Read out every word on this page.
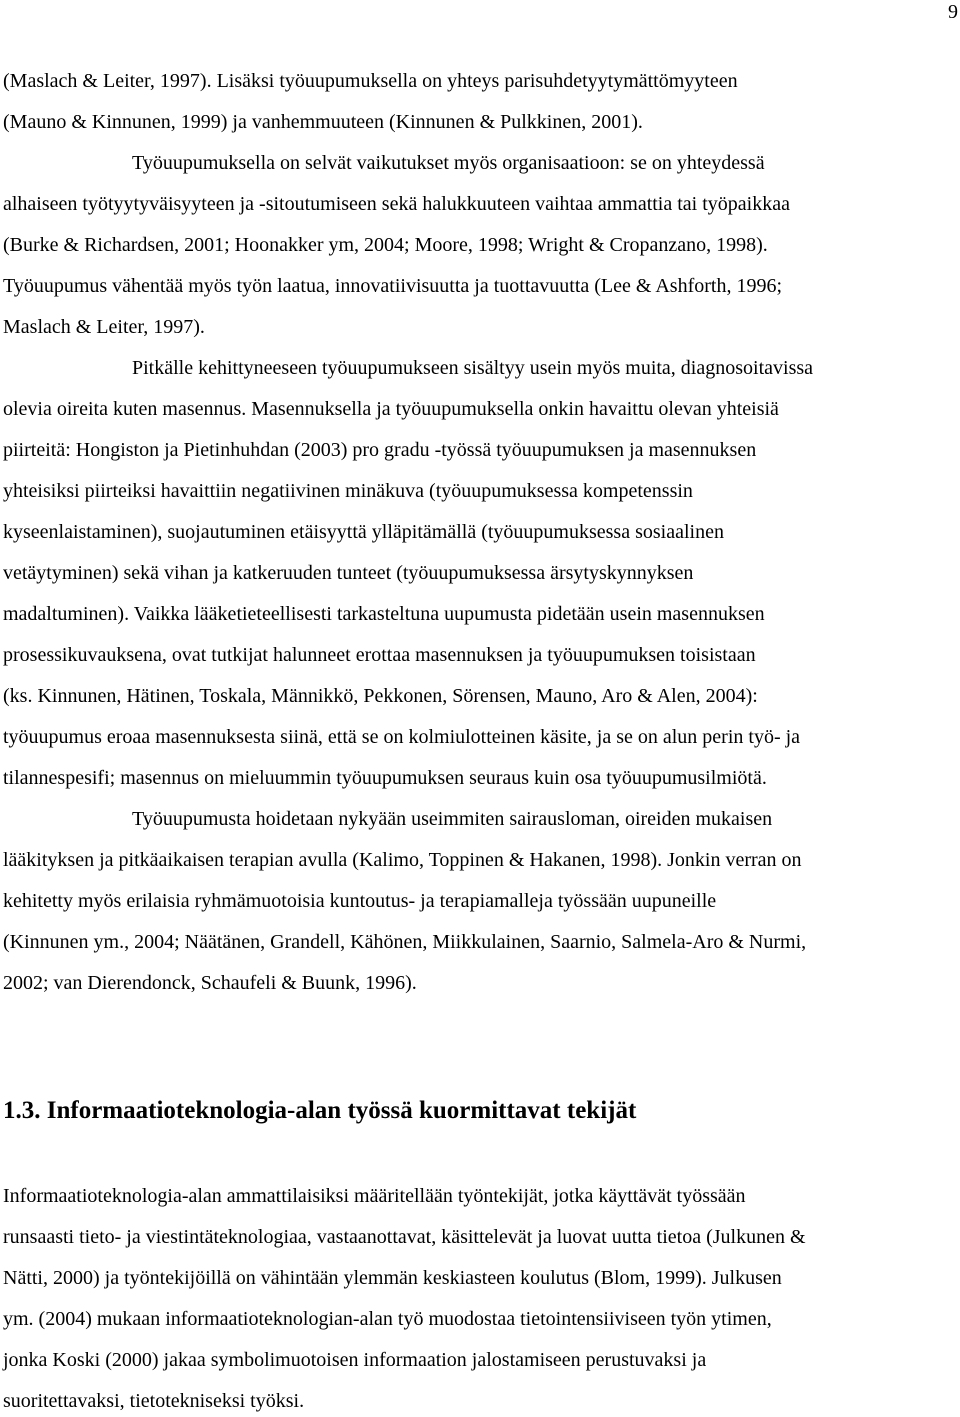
9
(Maslach & Leiter, 1997). Lisäksi työuupumuksella on yhteys parisuhdetyytymättömyyteen
(Mauno & Kinnunen, 1999) ja vanhemmuuteen (Kinnunen & Pulkkinen, 2001).
Työuupumuksella on selvät vaikutukset myös organisaatioon: se on yhteydessä
alhaiseen työtyytyväisyyteen ja -sitoutumiseen sekä halukkuuteen vaihtaa ammattia tai työpaikkaa
(Burke & Richardsen, 2001; Hoonakker ym, 2004; Moore, 1998; Wright & Cropanzano, 1998).
Työuupumus vähentää myös työn laatua, innovatiivisuutta ja tuottavuutta (Lee & Ashforth, 1996;
Maslach & Leiter, 1997).
Pitkälle kehittyneeseen työuupumukseen sisältyy usein myös muita, diagnosoitavissa
olevia oireita kuten masennus. Masennuksella ja työuupumuksella onkin havaittu olevan yhteisiä
piirteitä: Hongiston ja Pietinhuhdan (2003) pro gradu -työssä työuupumuksen ja masennuksen
yhteisiksi piirteiksi havaittiin negatiivinen minäkuva (työuupumuksessa kompetenssin
kyseenlaistaminen), suojautuminen etäisyyttä ylläpitämällä (työuupumuksessa sosiaalinen
vetäytyminen) sekä vihan ja katkeruuden tunteet (työuupumuksessa ärsytyskynnyksen
madaltuminen). Vaikka lääketieteellisesti tarkasteltuna uupumusta pidetään usein masennuksen
prosessikuvauksena, ovat tutkijat halunneet erottaa masennuksen ja työuupumuksen toisistaan
(ks. Kinnunen, Hätinen, Toskala, Männikkö, Pekkonen, Sörensen, Mauno, Aro & Alen, 2004):
työuupumus eroaa masennuksesta siinä, että se on kolmiulotteinen käsite, ja se on alun perin työ- ja
tilannespesifi; masennus on mieluummin työuupumuksen seuraus kuin osa työuupumusilmiötä.
Työuupumusta hoidetaan nykyään useimmiten sairausloman, oireiden mukaisen
lääkityksen ja pitkäaikaisen terapian avulla (Kalimo, Toppinen & Hakanen, 1998). Jonkin verran on
kehitetty myös erilaisia ryhmämuotoisia kuntoutus- ja terapiamalleja työssään uupuneille
(Kinnunen ym., 2004; Näätänen, Grandell, Kähönen, Miikkulainen, Saarnio, Salmela-Aro & Nurmi,
2002; van Dierendonck, Schaufeli & Buunk, 1996).
1.3. Informaatioteknologia-alan työssä kuormittavat tekijät
Informaatioteknologia-alan ammattilaisiksi määritellään työntekijät, jotka käyttävät työssään
runsaasti tieto- ja viestintäteknologiaa, vastaanottavat, käsittelevät ja luovat uutta tietoa (Julkunen &
Nätti, 2000) ja työntekijöillä on vähintään ylemmän keskiasteen koulutus (Blom, 1999). Julkusen
ym. (2004) mukaan informaatioteknologian-alan työ muodostaa tietointensiiviseen työn ytimen,
jonka Koski (2000) jakaa symbolimuotoisen informaation jalostamiseen perustuvaksi ja
suoritettavaksi, tietotekniseksi työksi.
